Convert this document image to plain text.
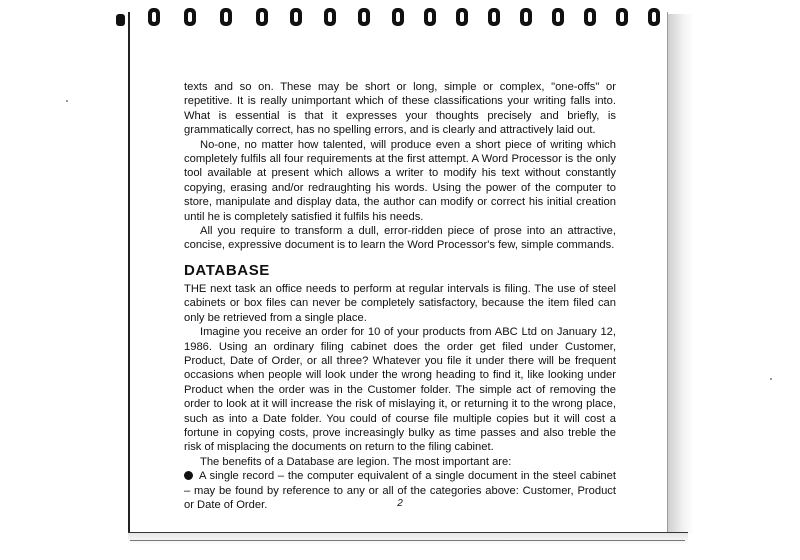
texts and so on. These may be short or long, simple or complex, "one-offs" or repetitive. It is really unimportant which of these classifications your writing falls into. What is essential is that it expresses your thoughts precisely and briefly, is grammatically correct, has no spelling errors, and is clearly and attractively laid out.

No-one, no matter how talented, will produce even a short piece of writing which completely fulfils all four requirements at the first attempt. A Word Processor is the only tool available at present which allows a writer to modify his text without constantly copying, erasing and/or redraughting his words. Using the power of the computer to store, manipulate and display data, the author can modify or correct his initial creation until he is completely satisfied it fulfils his needs.

All you require to transform a dull, error-ridden piece of prose into an attractive, concise, expressive document is to learn the Word Processor's few, simple commands.

DATABASE

THE next task an office needs to perform at regular intervals is filing. The use of steel cabinets or box files can never be completely satisfactory, because the item filed can only be retrieved from a single place.

Imagine you receive an order for 10 of your products from ABC Ltd on January 12, 1986. Using an ordinary filing cabinet does the order get filed under Customer, Product, Date of Order, or all three? Whatever you file it under there will be frequent occasions when people will look under the wrong heading to find it, like looking under Product when the order was in the Customer folder. The simple act of removing the order to look at it will increase the risk of mislaying it, or returning it to the wrong place, such as into a Date folder. You could of course file multiple copies but it will cost a fortune in copying costs, prove increasingly bulky as time passes and also treble the risk of misplacing the documents on return to the filing cabinet.

The benefits of a Database are legion. The most important are:

A single record – the computer equivalent of a single document in the steel cabinet – may be found by reference to any or all of the categories above: Customer, Product or Date of Order.	2
